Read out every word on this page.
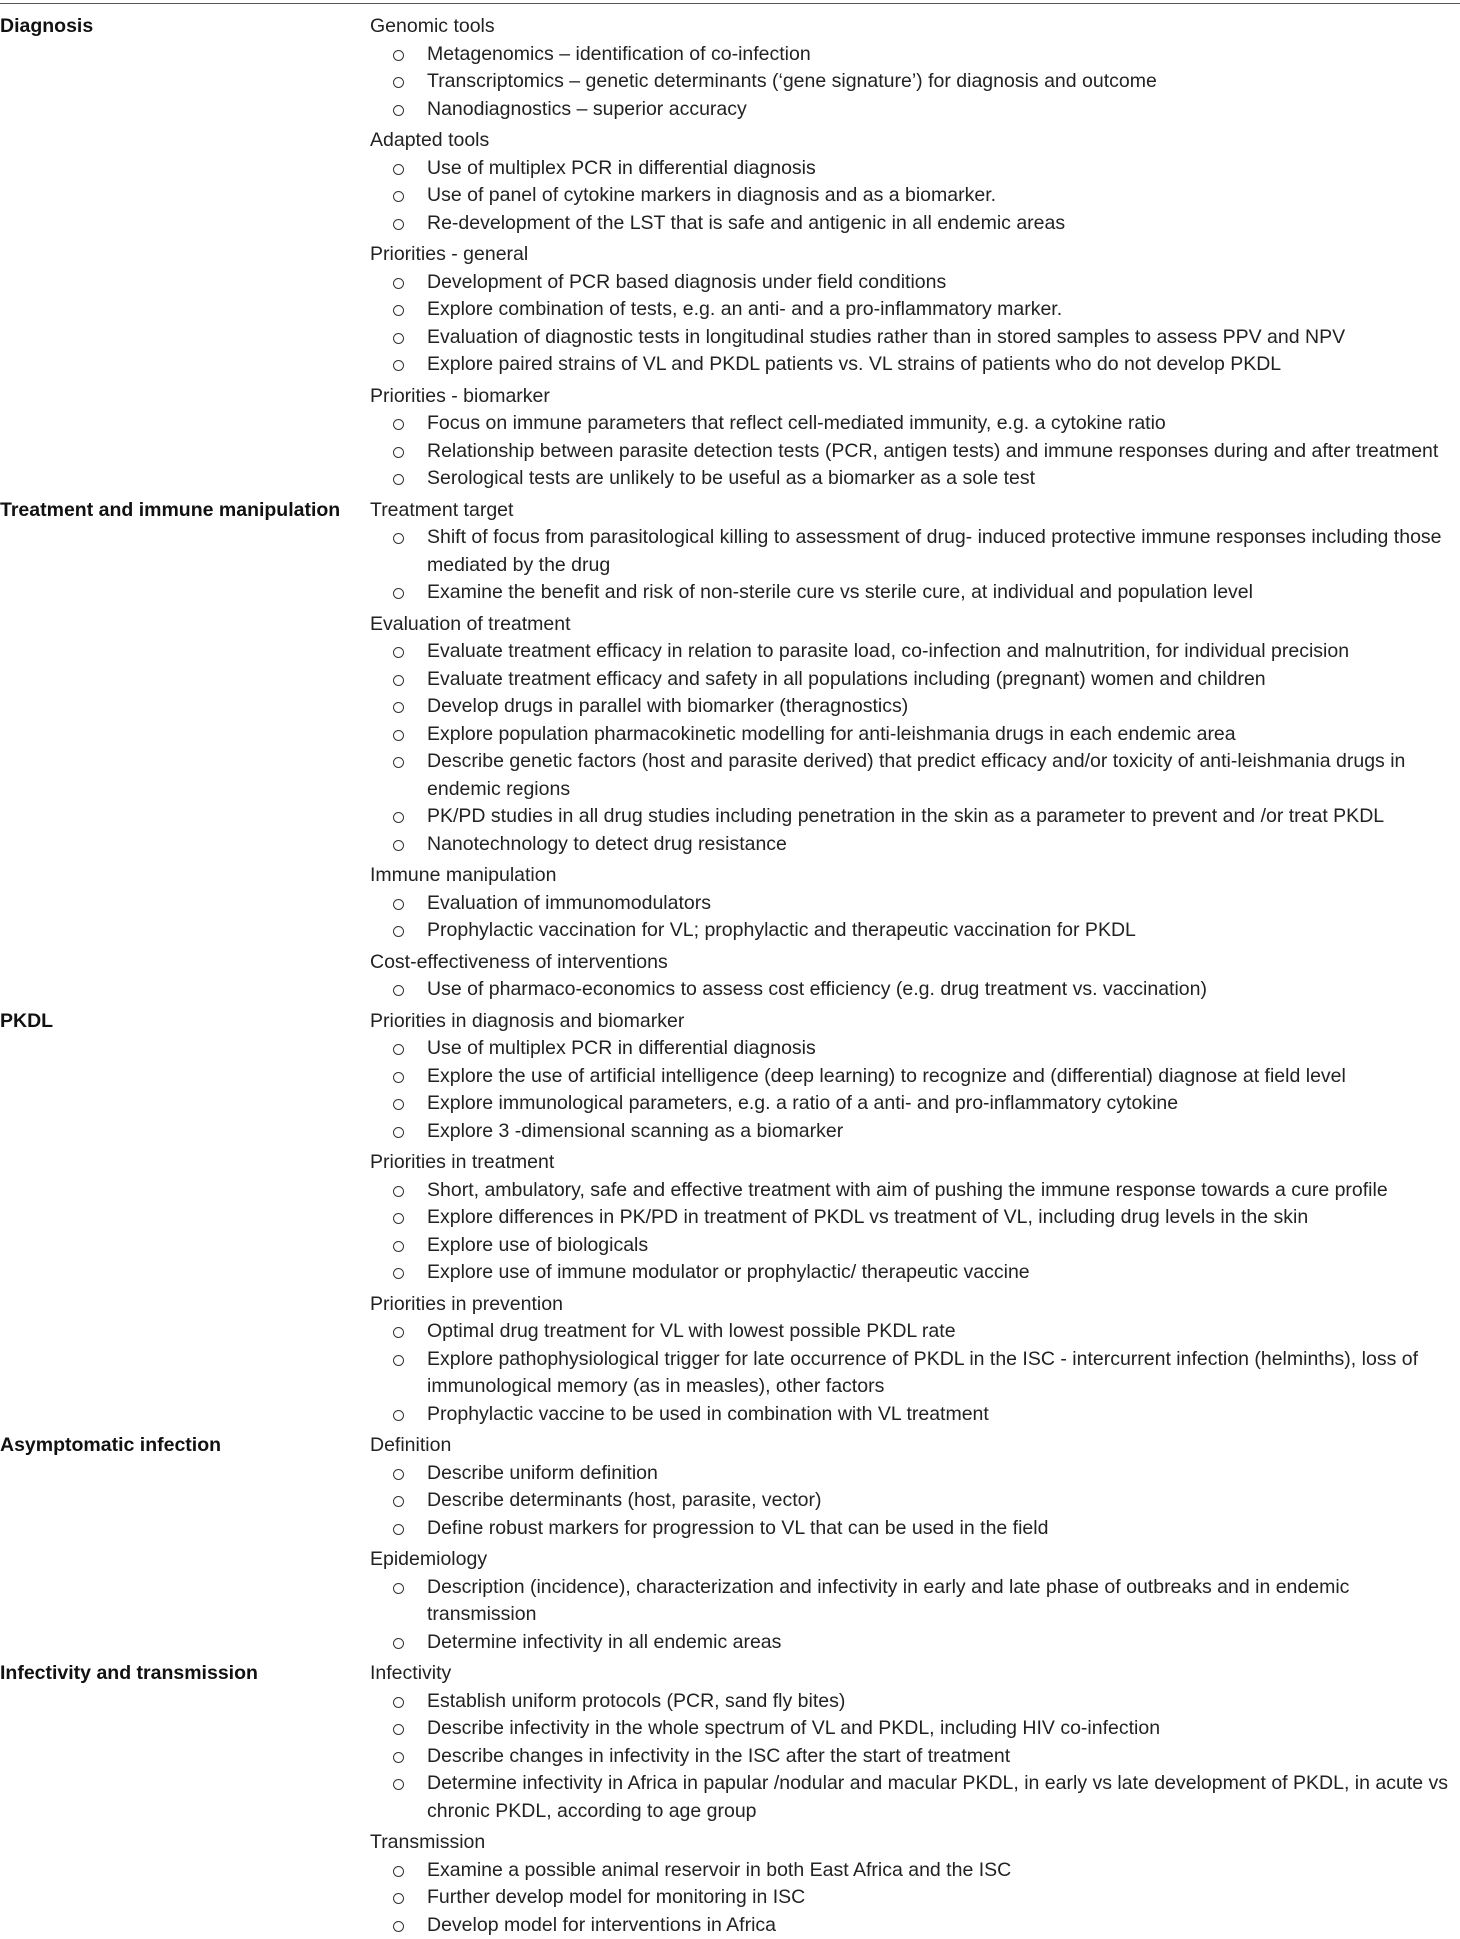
Diagnosis	Genomic tools
Metagenomics – identification of co-infection
Transcriptomics – genetic determinants (‘gene signature’) for diagnosis and outcome
Nanodiagnostics – superior accuracy
Adapted tools
Use of multiplex PCR in differential diagnosis
Use of panel of cytokine markers in diagnosis and as a biomarker.
Re-development of the LST that is safe and antigenic in all endemic areas
Priorities - general
Development of PCR based diagnosis under field conditions
Explore combination of tests, e.g. an anti- and a pro-inflammatory marker.
Evaluation of diagnostic tests in longitudinal studies rather than in stored samples to assess PPV and NPV
Explore paired strains of VL and PKDL patients vs. VL strains of patients who do not develop PKDL
Priorities - biomarker
Focus on immune parameters that reflect cell-mediated immunity, e.g. a cytokine ratio
Relationship between parasite detection tests (PCR, antigen tests) and immune responses during and after treatment
Serological tests are unlikely to be useful as a biomarker as a sole test
Treatment and immune manipulation	Treatment target
Shift of focus from parasitological killing to assessment of drug- induced protective immune responses including those mediated by the drug
Examine the benefit and risk of non-sterile cure vs sterile cure, at individual and population level
Evaluation of treatment
Evaluate treatment efficacy in relation to parasite load, co-infection and malnutrition, for individual precision
Evaluate treatment efficacy and safety in all populations including (pregnant) women and children
Develop drugs in parallel with biomarker (theragnostics)
Explore population pharmacokinetic modelling for anti-leishmania drugs in each endemic area
Describe genetic factors (host and parasite derived) that predict efficacy and/or toxicity of anti-leishmania drugs in endemic regions
PK/PD studies in all drug studies including penetration in the skin as a parameter to prevent and /or treat PKDL
Nanotechnology to detect drug resistance
Immune manipulation
Evaluation of immunomodulators
Prophylactic vaccination for VL; prophylactic and therapeutic vaccination for PKDL
Cost-effectiveness of interventions
Use of pharmaco-economics to assess cost efficiency (e.g. drug treatment vs. vaccination)
PKDL	Priorities in diagnosis and biomarker
Use of multiplex PCR in differential diagnosis
Explore the use of artificial intelligence (deep learning) to recognize and (differential) diagnose at field level
Explore immunological parameters, e.g. a ratio of a anti- and pro-inflammatory cytokine
Explore 3 -dimensional scanning as a biomarker
Priorities in treatment
Short, ambulatory, safe and effective treatment with aim of pushing the immune response towards a cure profile
Explore differences in PK/PD in treatment of PKDL vs treatment of VL, including drug levels in the skin
Explore use of biologicals
Explore use of immune modulator or prophylactic/ therapeutic vaccine
Priorities in prevention
Optimal drug treatment for VL with lowest possible PKDL rate
Explore pathophysiological trigger for late occurrence of PKDL in the ISC - intercurrent infection (helminths), loss of immunological memory (as in measles), other factors
Prophylactic vaccine to be used in combination with VL treatment
Asymptomatic infection	Definition
Describe uniform definition
Describe determinants (host, parasite, vector)
Define robust markers for progression to VL that can be used in the field
Epidemiology
Description (incidence), characterization and infectivity in early and late phase of outbreaks and in endemic transmission
Determine infectivity in all endemic areas
Infectivity and transmission	Infectivity
Establish uniform protocols (PCR, sand fly bites)
Describe infectivity in the whole spectrum of VL and PKDL, including HIV co-infection
Describe changes in infectivity in the ISC after the start of treatment
Determine infectivity in Africa in papular /nodular and macular PKDL, in early vs late development of PKDL, in acute vs chronic PKDL, according to age group
Transmission
Examine a possible animal reservoir in both East Africa and the ISC
Further develop model for monitoring in ISC
Develop model for interventions in Africa
